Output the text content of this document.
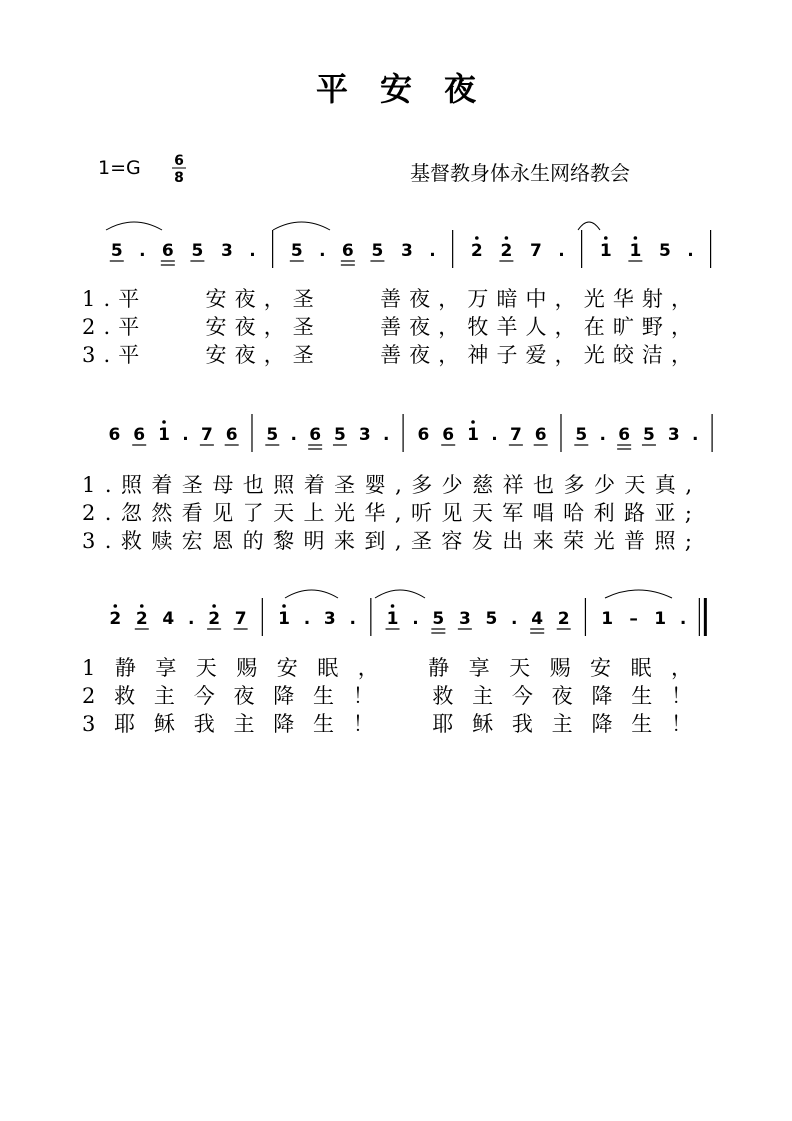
平　安　夜
1=G 6
8	基督教身体永生网络教会
5 . 6 5 3 . 5 . 6 5 3 . 2 2 7 . 1 1 5 .
1.平　　安夜，圣　　善夜，万暗中，光华射，
2.平　　安夜，圣　　善夜，牧羊人，在旷野，
3.平　　安夜，圣　　善夜，神子爱，光皎洁，
6 6 1 . 7 6 5 . 6 5 3 . 6 6 1 . 7 6 5 . 6 5 3 .
1.照着圣母也照着圣婴,多少慈祥也多少天真,
2.忽然看见了天上光华,听见天军唱哈利路亚;
3.救赎宏恩的黎明来到,圣容发出来荣光普照;
2 2 4 . 2 7 1 . 3 . 1 . 5 3 5 . 4 2 1 – 1 .
1静享天赐安眠，　静享天赐安眠，
2救主今夜降生！　救主今夜降生！
3耶稣我主降生！　耶稣我主降生！
